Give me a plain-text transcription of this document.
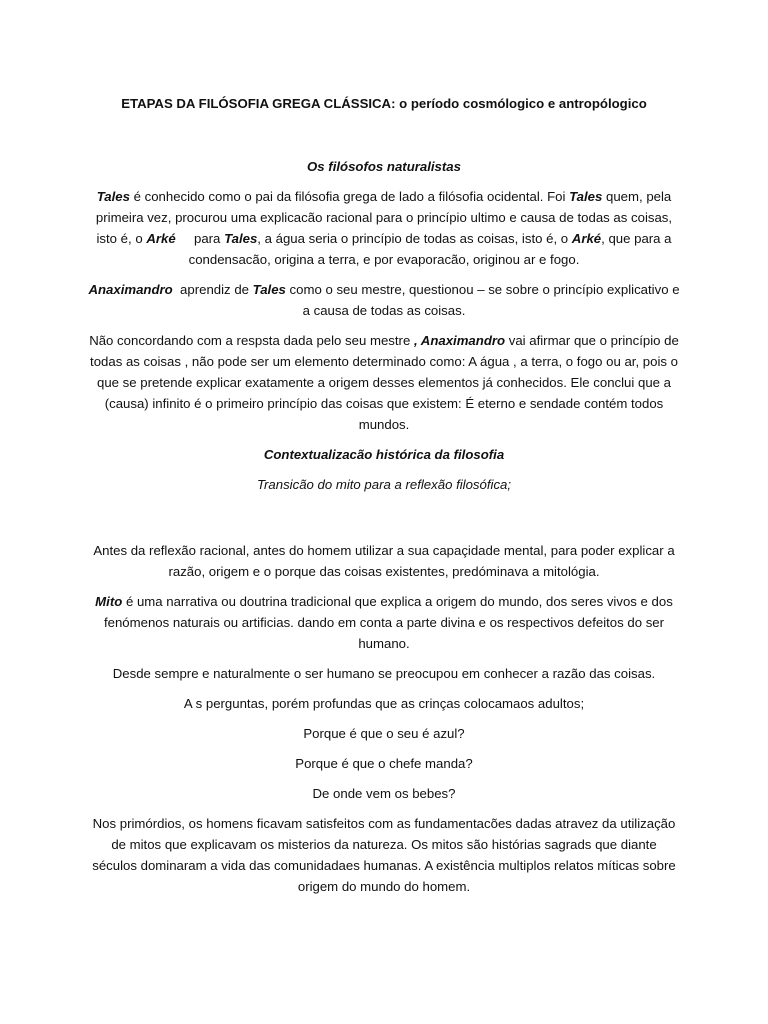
ETAPAS DA FILÓSOFIA GREGA CLÁSSICA: o período cosmólogico e antropólogico

Os filósofos naturalistas

Tales é conhecido como o pai da filósofia grega de lado a filósofia ocidental. Foi Tales quem, pela primeira vez, procurou uma explicacão racional para o princípio ultimo e causa de todas as coisas, isto é, o Arké     para Tales, a água seria o princípio de todas as coisas, isto é, o Arké, que para a condensacão, origina a terra, e por evaporacão, originou ar e fogo.

Anaximandro  aprendiz de Tales como o seu mestre, questionou – se sobre o princípio explicativo e a causa de todas as coisas.

Não concordando com a respsta dada pelo seu mestre , Anaximandro vai afirmar que o princípio de todas as coisas , não pode ser um elemento determinado como: A água , a terra, o fogo ou ar, pois o que se pretende explicar exatamente a origem desses elementos já conhecidos. Ele conclui que a (causa) infinito é o primeiro princípio das coisas que existem: É eterno e sendade contém todos mundos.

Contextualizacão histórica da filosofia

Transicão do mito para a reflexão filosófica;

Antes da reflexão racional, antes do homem utilizar a sua capaçidade mental, para poder explicar a razão, origem e o porque das coisas existentes, predóminava a mitológia.

Mito é uma narrativa ou doutrina tradicional que explica a origem do mundo, dos seres vivos e dos fenómenos naturais ou artificias. dando em conta a parte divina e os respectivos defeitos do ser humano.

Desde sempre e naturalmente o ser humano se preocupou em conhecer a razão das coisas.

A s perguntas, porém profundas que as crinças colocamaos adultos;

Porque é que o seu é azul?

Porque é que o chefe manda?

De onde vem os bebes?

Nos primórdios, os homens ficavam satisfeitos com as fundamentacões dadas atravez da utilização de mitos que explicavam os misterios da natureza. Os mitos são histórias sagrads que diante séculos dominaram a vida das comunidadaes humanas. A existência multiplos relatos míticas sobre origem do mundo do homem.
